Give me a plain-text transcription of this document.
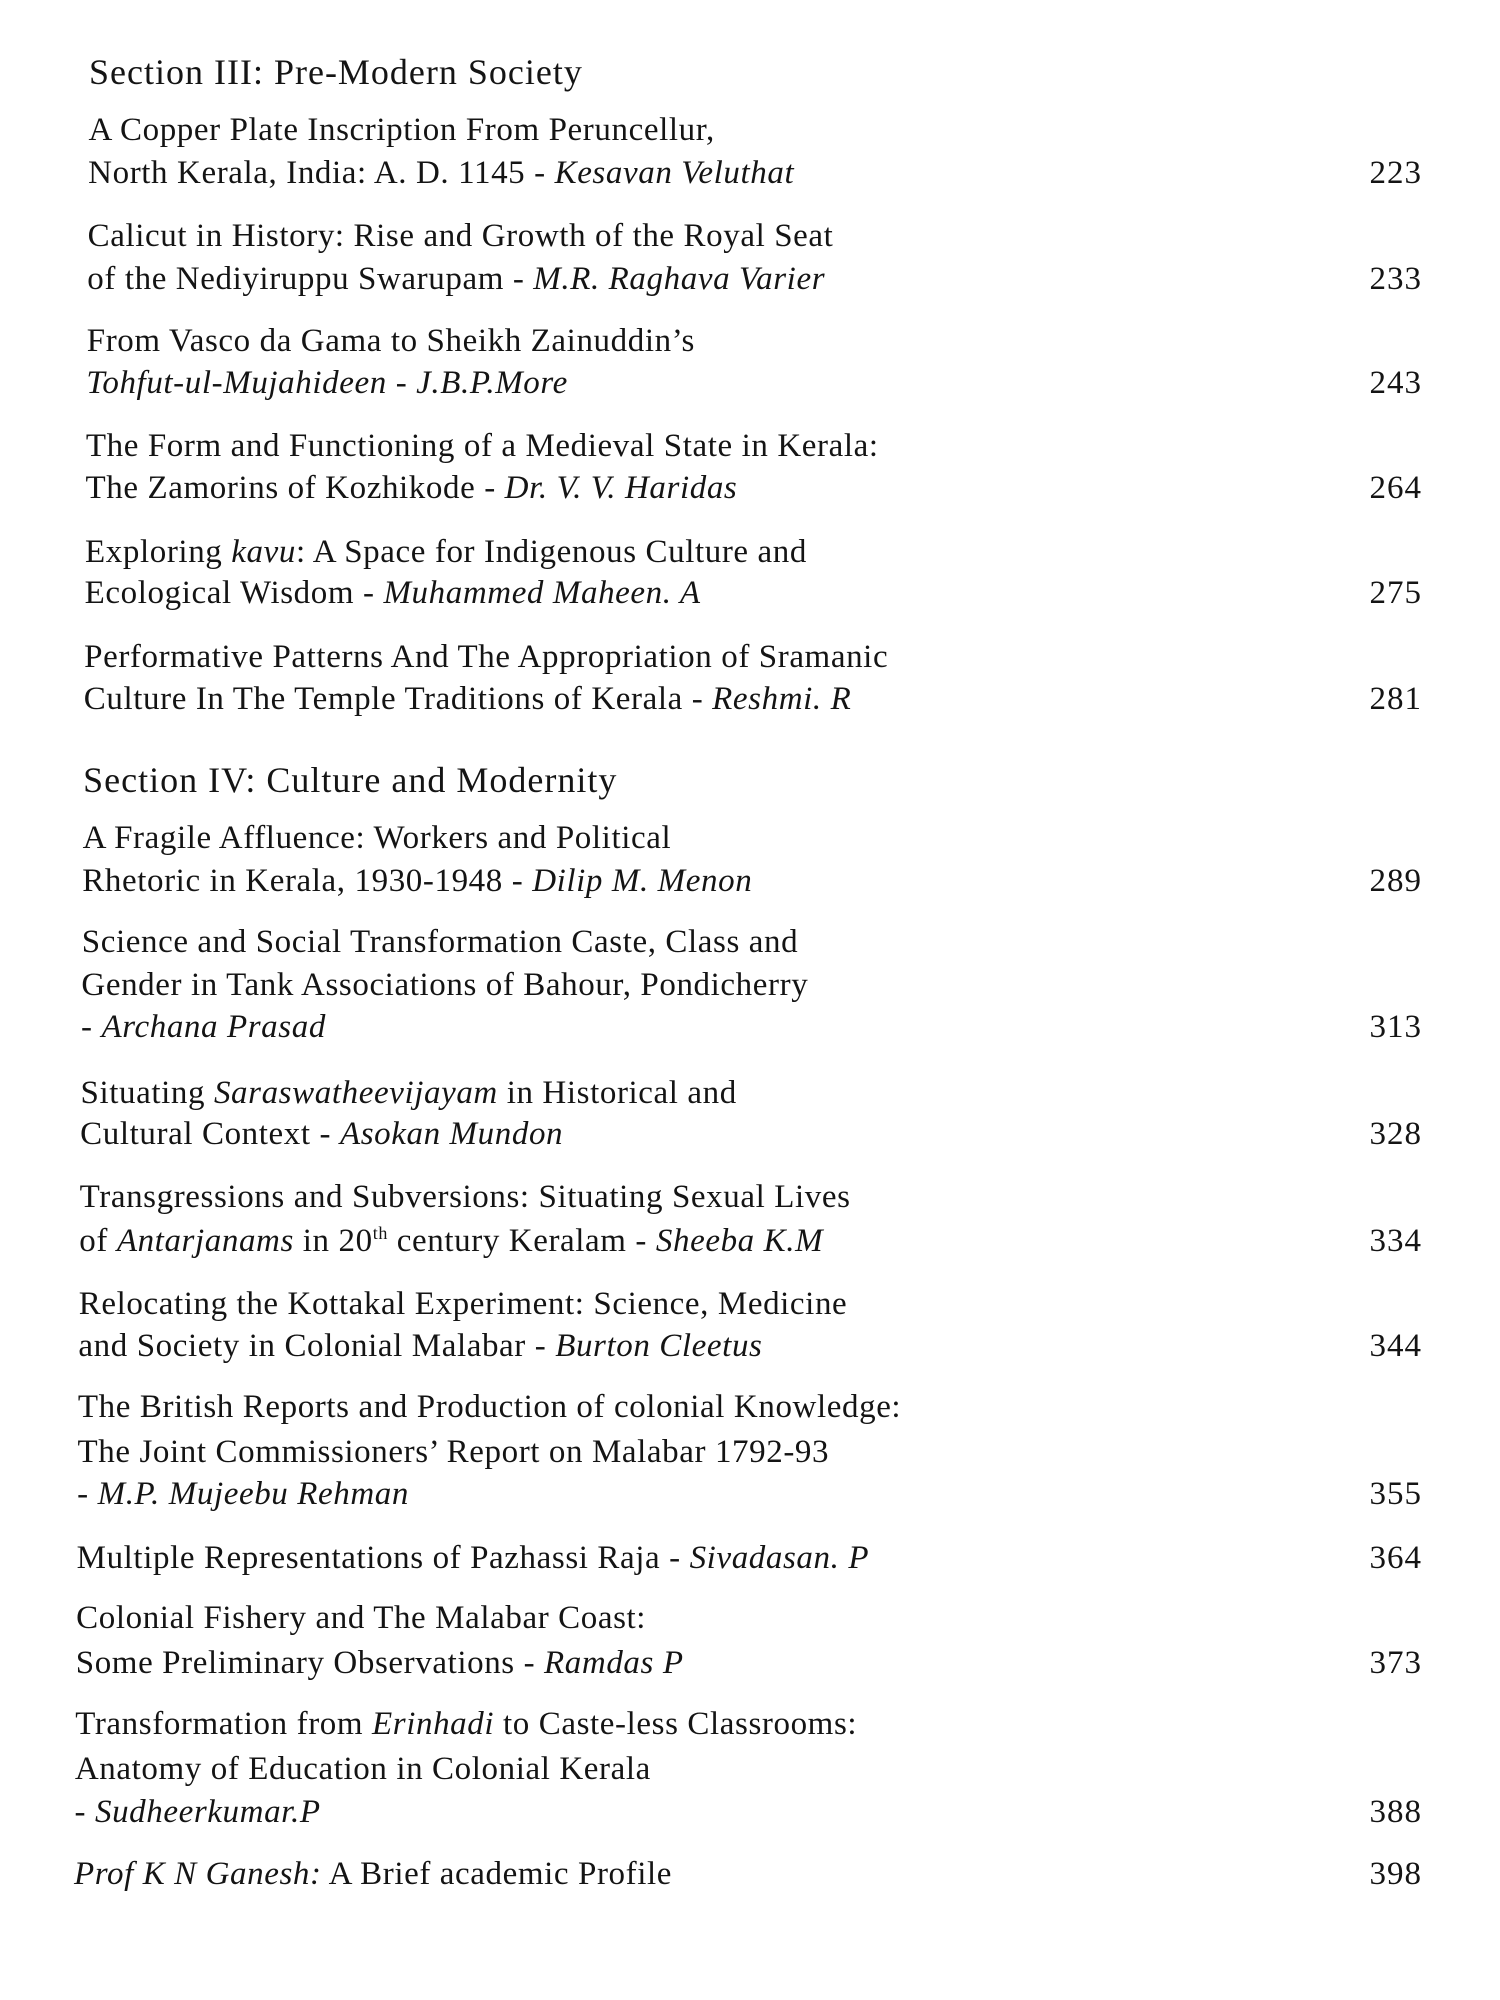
Section III: Pre-Modern Society
A Copper Plate Inscription From Peruncellur,
North Kerala, India: A. D. 1145 - Kesavan Veluthat	223
Calicut in History: Rise and Growth of the Royal Seat
of the Nediyiruppu Swarupam - M.R. Raghava Varier	233
From Vasco da Gama to Sheikh Zainuddin’s
Tohfut-ul-Mujahideen - J.B.P.More	243
The Form and Functioning of a Medieval State in Kerala:
The Zamorins of Kozhikode - Dr. V. V. Haridas	264
Exploring kavu: A Space for Indigenous Culture and
Ecological Wisdom - Muhammed Maheen. A	275
Performative Patterns And The Appropriation of Sramanic
Culture In The Temple Traditions of Kerala - Reshmi. R	281
Section IV: Culture and Modernity
A Fragile Affluence: Workers and Political
Rhetoric in Kerala, 1930-1948 - Dilip M. Menon	289
Science and Social Transformation Caste, Class and
Gender in Tank Associations of Bahour, Pondicherry
- Archana Prasad	313
Situating Saraswatheevijayam in Historical and
Cultural Context - Asokan Mundon	328
Transgressions and Subversions: Situating Sexual Lives
of Antarjanams in 20th century Keralam - Sheeba K.M	334
Relocating the Kottakal Experiment: Science, Medicine
and Society in Colonial Malabar - Burton Cleetus	344
The British Reports and Production of colonial Knowledge:
The Joint Commissioners’ Report on Malabar 1792-93
- M.P. Mujeebu Rehman	355
Multiple Representations of Pazhassi Raja - Sivadasan. P	364
Colonial Fishery and The Malabar Coast:
Some Preliminary Observations - Ramdas P	373
Transformation from Erinhadi to Caste-less Classrooms:
Anatomy of Education in Colonial Kerala
- Sudheerkumar.P	388
Prof K N Ganesh: A Brief academic Profile	398
